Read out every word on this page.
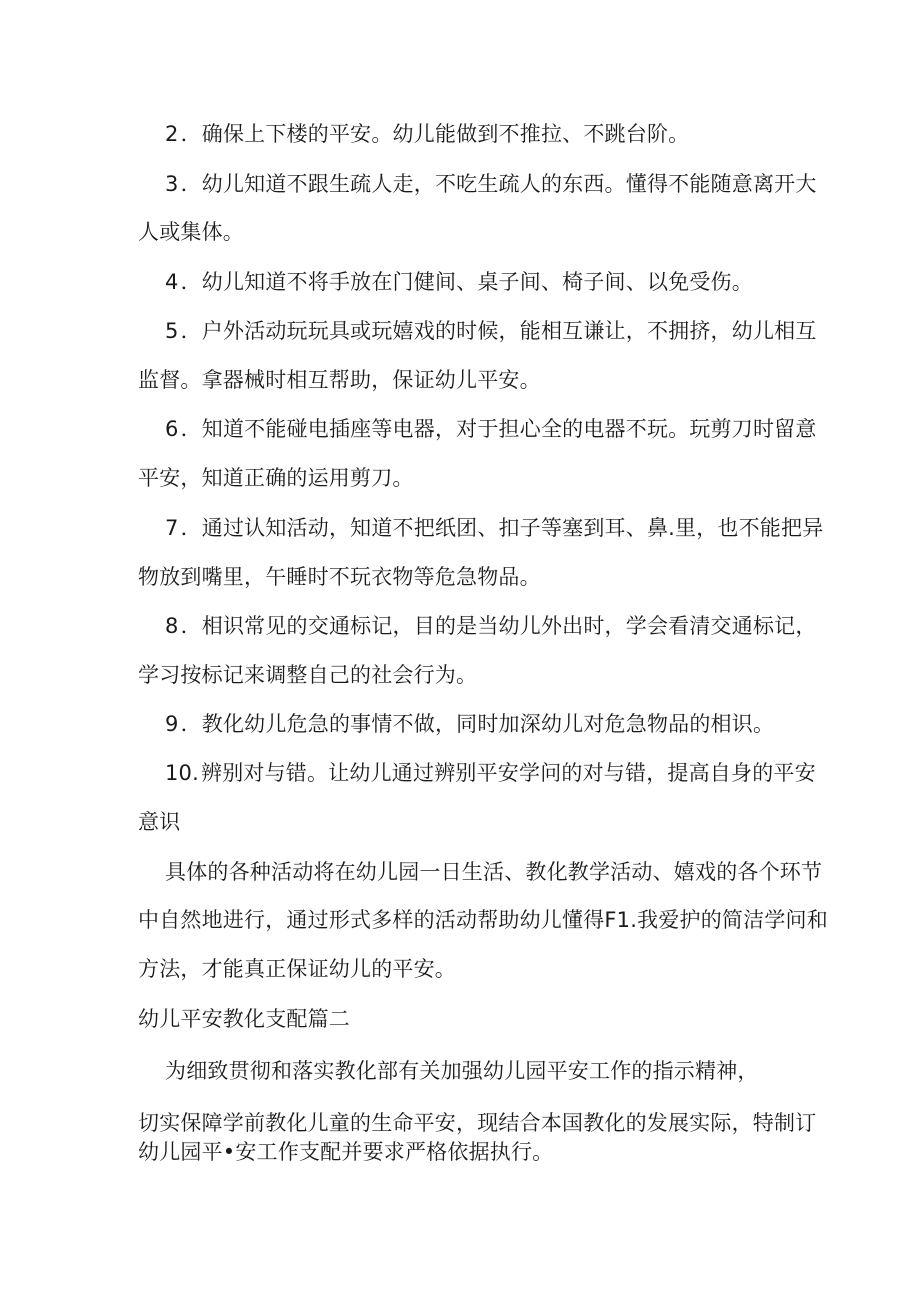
2．确保上下楼的平安。幼儿能做到不推拉、不跳台阶。
3．幼儿知道不跟生疏人走，不吃生疏人的东西。懂得不能随意离开大
人或集体。
4．幼儿知道不将手放在门健间、桌子间、椅子间、以免受伤。
5．户外活动玩玩具或玩嬉戏的时候，能相互谦让，不拥挤，幼儿相互
监督。拿器械时相互帮助，保证幼儿平安。
6．知道不能碰电插座等电器，对于担心全的电器不玩。玩剪刀时留意
平安，知道正确的运用剪刀。
7．通过认知活动，知道不把纸团、扣子等塞到耳、鼻.里，也不能把异
物放到嘴里，午睡时不玩衣物等危急物品。
8．相识常见的交通标记，目的是当幼儿外出时，学会看清交通标记，
学习按标记来调整自己的社会行为。
9．教化幼儿危急的事情不做，同时加深幼儿对危急物品的相识。
10.辨别对与错。让幼儿通过辨别平安学问的对与错，提高自身的平安
意识
具体的各种活动将在幼儿园一日生活、教化教学活动、嬉戏的各个环节
中自然地进行，通过形式多样的活动帮助幼儿懂得F1.我爱护的简洁学问和
方法，才能真正保证幼儿的平安。
幼儿平安教化支配篇二
为细致贯彻和落实教化部有关加强幼儿园平安工作的指示精神，
切实保障学前教化儿童的生命平安，现结合本国教化的发展实际，特制订
幼儿园平•安工作支配并要求严格依据执行。
